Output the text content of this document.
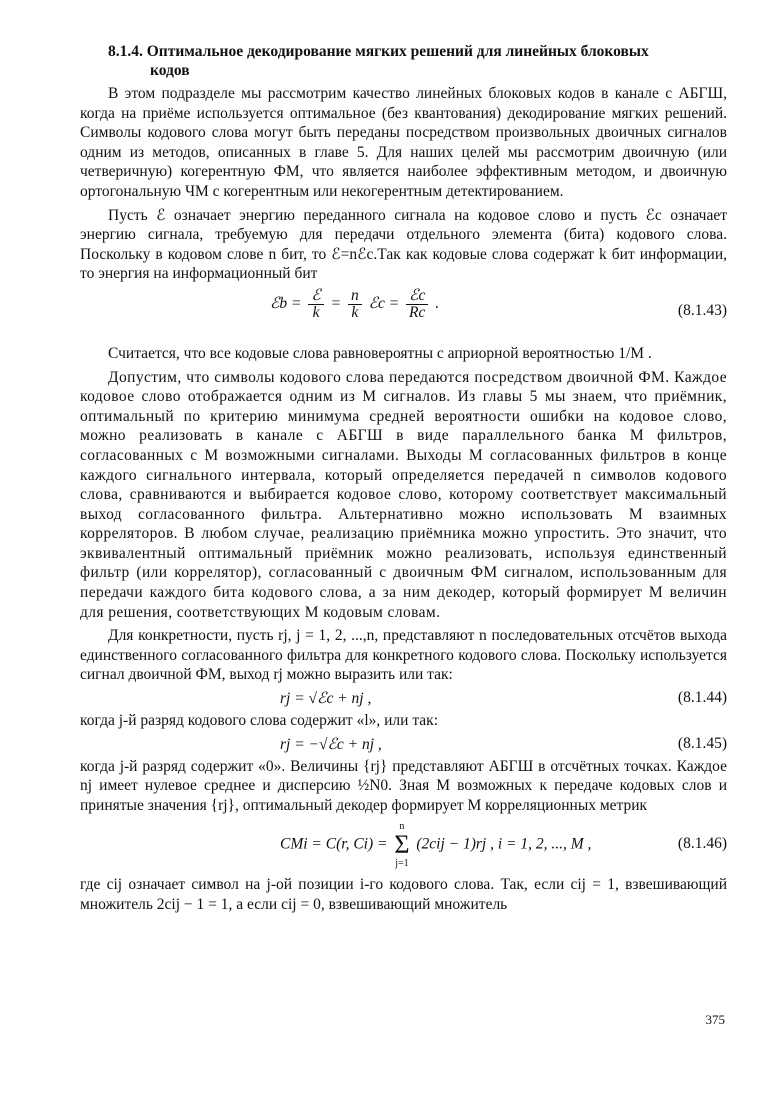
8.1.4. Оптимальное декодирование мягких решений для линейных блоковых
кодов

В этом подразделе мы рассмотрим качество линейных блоковых кодов в канале с АБГШ, когда на приёме используется оптимальное (без квантования) декодирование мягких решений. Символы кодового слова могут быть переданы посредством произвольных двоичных сигналов одним из методов, описанных в главе 5. Для наших целей мы рассмотрим двоичную (или четверичную) когерентную ФМ, что является наиболее эффективным методом, и двоичную ортогональную ЧМ с когерентным или некогерентным детектированием.

Пусть ℰ означает энергию переданного сигнала на кодовое слово и пусть ℰc означает энергию сигнала, требуемую для передачи отдельного элемента (бита) кодового слова. Поскольку в кодовом слове n бит, то ℰ=nℰc.Так как кодовые слова содержат k бит информации, то энергия на информационный бит

ℰb = $\frac{\text{ℰ}}{k} = \frac{n}{k}$ ℰc = $\frac{\text{ℰc}}{Rc}$ .	(8.1.43)

Считается, что все кодовые слова равновероятны с априорной вероятностью 1/M .

Допустим, что символы кодового слова передаются посредством двоичной ФМ. Каждое кодовое слово отображается одним из M сигналов. Из главы 5 мы знаем, что приёмник, оптимальный по критерию минимума средней вероятности ошибки на кодовое слово, можно реализовать в канале с АБГШ в виде параллельного банка M фильтров, согласованных с M возможными сигналами. Выходы M согласованных фильтров в конце каждого сигнального интервала, который определяется передачей n символов кодового слова, сравниваются и выбирается кодовое слово, которому соответствует максимальный выход согласованного фильтра. Альтернативно можно использовать M взаимных корреляторов. В любом случае, реализацию приёмника можно упростить. Это значит, что эквивалентный оптимальный приёмник можно реализовать, используя единственный фильтр (или коррелятор), согласованный с двоичным ФМ сигналом, использованным для передачи каждого бита кодового слова, а за ним декодер, который формирует M величин для решения, соответствующих M кодовым словам.

Для конкретности, пусть rj, j = 1, 2, ...,n, представляют n последовательных отсчётов выхода единственного согласованного фильтра для конкретного кодового слова. Поскольку используется сигнал двоичной ФМ, выход rj можно выразить или так:

rj = √ℰc + nj ,	(8.1.44)

когда j-й разряд кодового слова содержит «l», или так:

rj = −√ℰc + nj ,	(8.1.45)

когда j-й разряд содержит «0». Величины {rj} представляют АБГШ в отсчётных точках. Каждое nj имеет нулевое среднее и дисперсию ½N0. Зная M возможных к передаче кодовых слов и принятые значения {rj}, оптимальный декодер формирует M корреляционных метрик

CMi = C(r, Ci) =
n
Σ
j=1
(2cij − 1)rj , i = 1, 2, ..., M ,	(8.1.46)

где cij означает символ на j-ой позиции i-го кодового слова. Так, если cij = 1, взвешивающий множитель 2cij − 1 = 1, а если cij = 0, взвешивающий множитель

375
